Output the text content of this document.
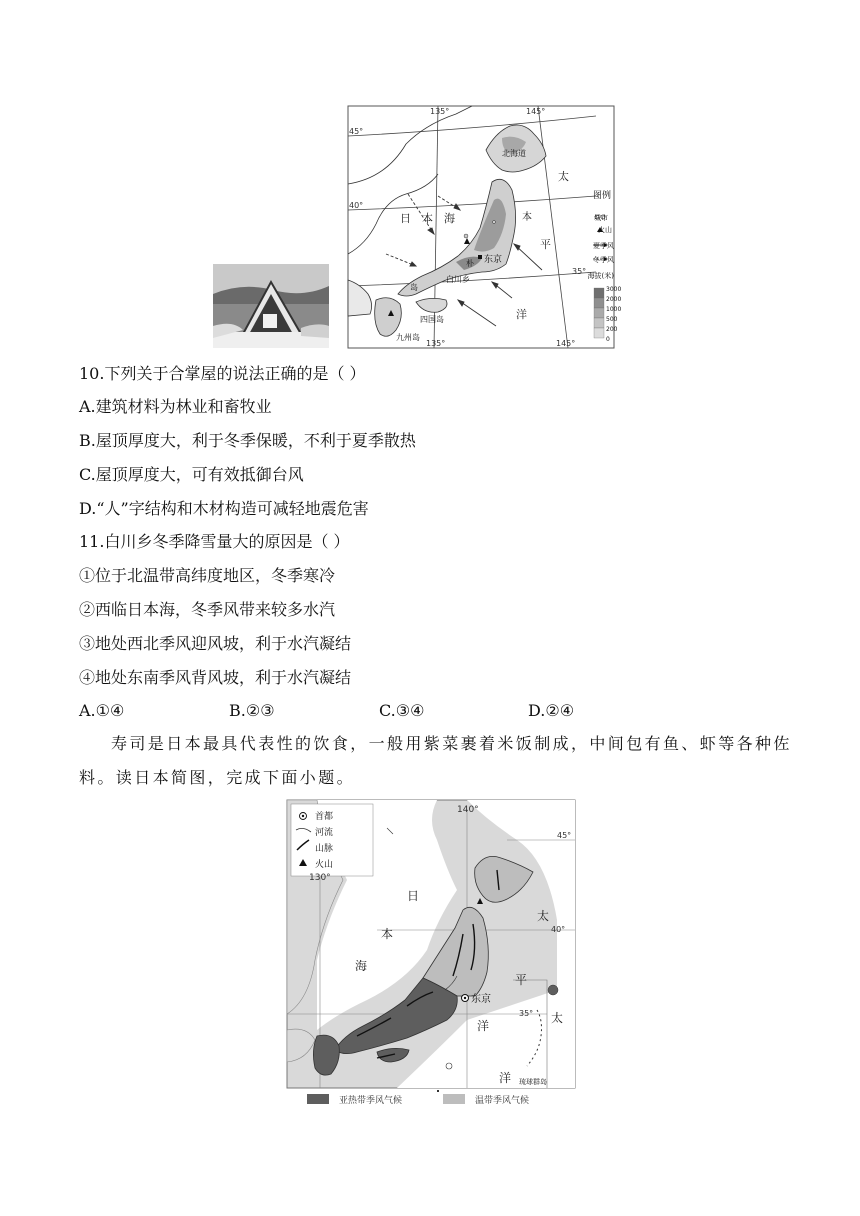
135°	145°
135°	145°
45°
40°
35°
日 本 海
太
平
洋
本
北海道
东京
白川乡
四国岛
九州岛
岛
朴
图例
城市
火山
夏季风
冬季风
海拔(米)
3000
2000
1000
500
200
0
10.下列关于合掌屋的说法正确的是（ ）
A.建筑材料为林业和畜牧业
B.屋顶厚度大，利于冬季保暖，不利于夏季散热
C.屋顶厚度大，可有效抵御台风
D.“人”字结构和木材构造可减轻地震危害
11.白川乡冬季降雪量大的原因是（ ）
①位于北温带高纬度地区，冬季寒冷
②西临日本海，冬季风带来较多水汽
③地处西北季风迎风坡，利于水汽凝结
④地处东南季风背风坡，利于水汽凝结
A.①④	B.②③	C.③④	D.②④
寿司是日本最具代表性的饮食，一般用紫菜裹着米饭制成，中间包有鱼、虾等各种佐
料。读日本简图，完成下面小题。
首都
河流
山脉
火山
140°
130°
45°
40°
35°
日
本
海
太
平
洋
太
洋
东京
琉球群岛
亚热带季风气候	温带季风气候
